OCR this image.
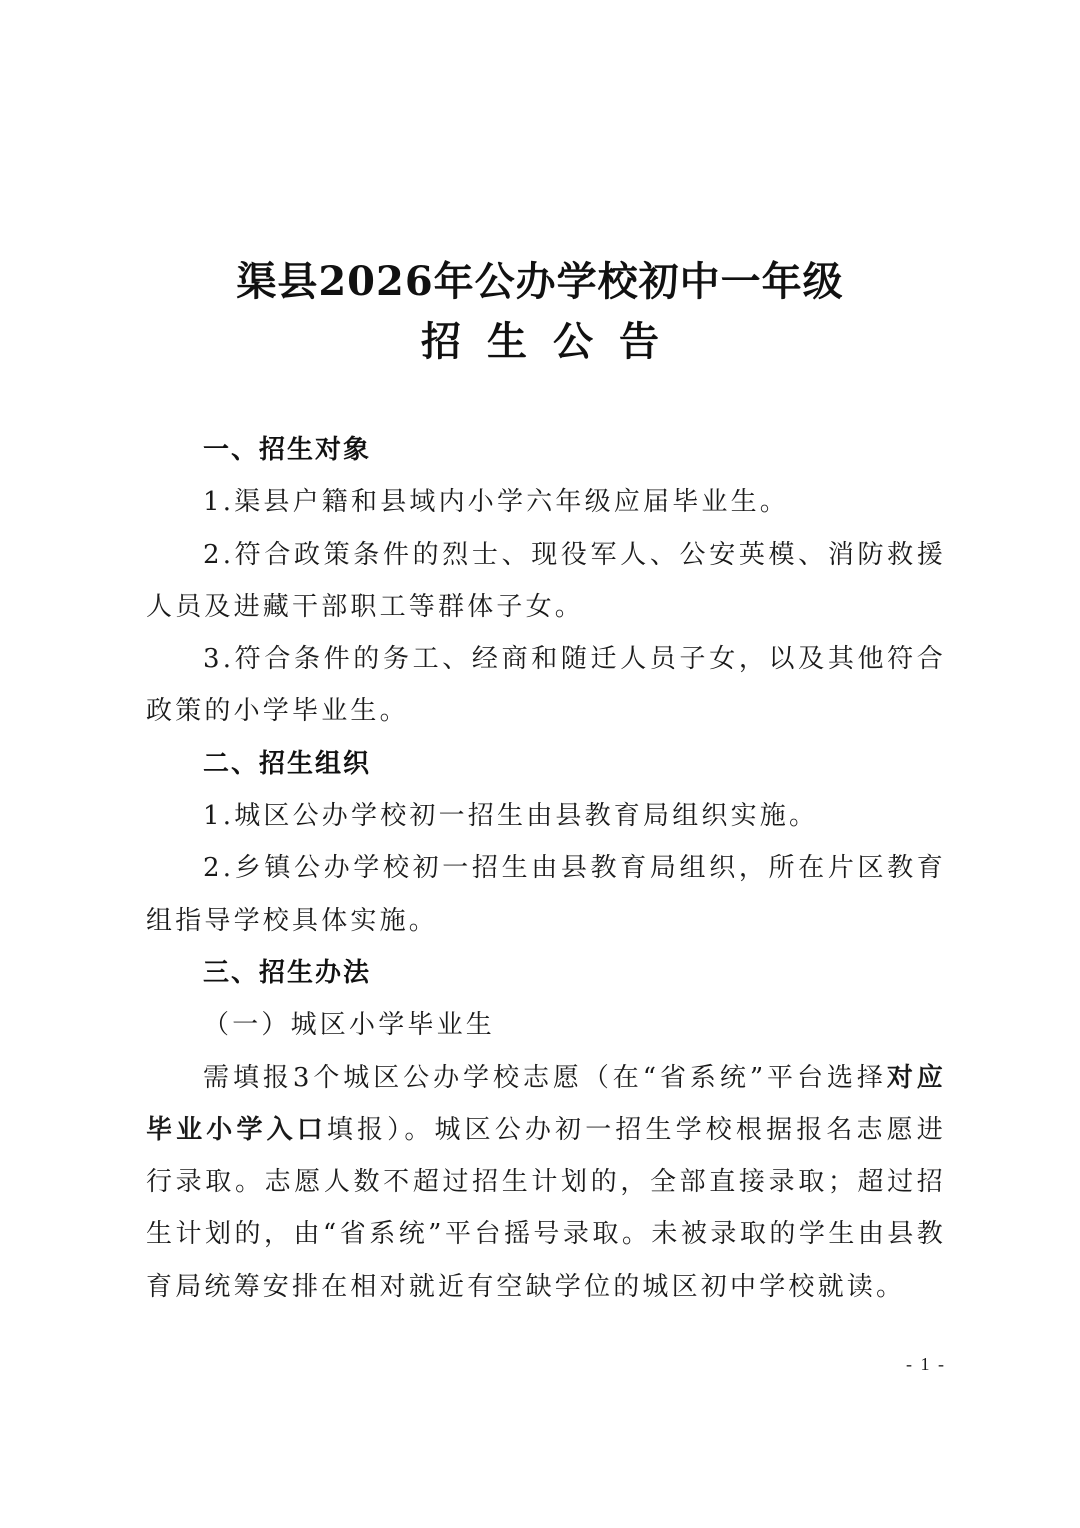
渠县2026年公办学校初中一年级
招生公告

一、招生对象

1.渠县户籍和县域内小学六年级应届毕业生。

2.符合政策条件的烈士、现役军人、公安英模、消防救援人员及进藏干部职工等群体子女。

3.符合条件的务工、经商和随迁人员子女，以及其他符合政策的小学毕业生。

二、招生组织

1.城区公办学校初一招生由县教育局组织实施。

2.乡镇公办学校初一招生由县教育局组织，所在片区教育组指导学校具体实施。

三、招生办法

（一）城区小学毕业生

需填报3个城区公办学校志愿（在“省系统”平台选择对应毕业小学入口填报）。城区公办初一招生学校根据报名志愿进行录取。志愿人数不超过招生计划的，全部直接录取；超过招生计划的，由“省系统”平台摇号录取。未被录取的学生由县教育局统筹安排在相对就近有空缺学位的城区初中学校就读。

- 1 -
